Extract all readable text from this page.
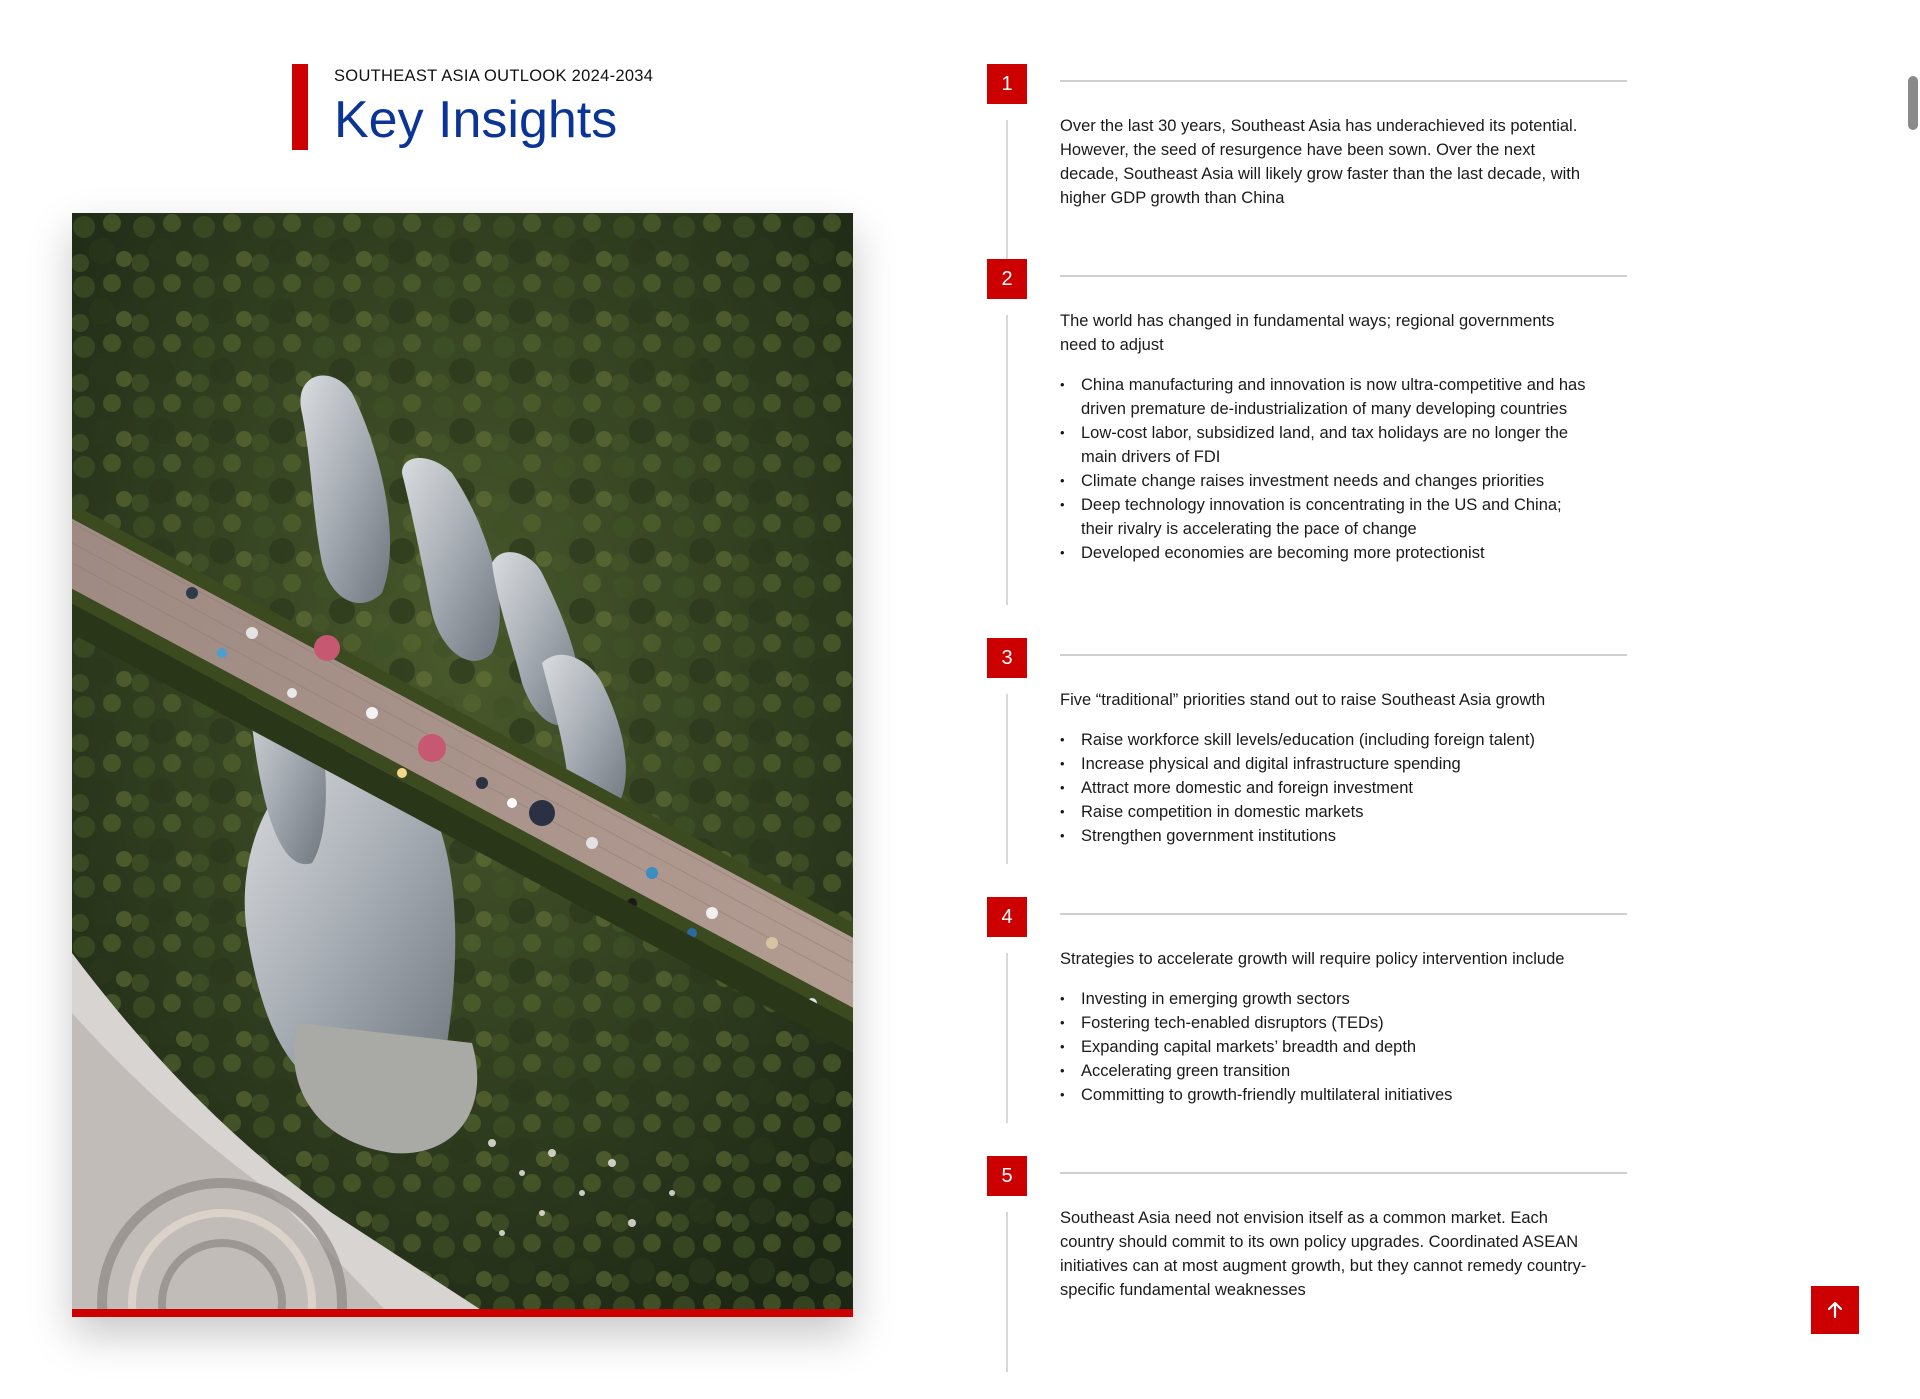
SOUTHEAST ASIA OUTLOOK 2024-2034
Key Insights
1

Over the last 30 years, Southeast Asia has underachieved its potential. However, the seed of resurgence have been sown. Over the next decade, Southeast Asia will likely grow faster than the last decade, with higher GDP growth than China

2

The world has changed in fundamental ways; regional governments need to adjust

• China manufacturing and innovation is now ultra-competitive and has driven premature de-industrialization of many developing countries
• Low-cost labor, subsidized land, and tax holidays are no longer the main drivers of FDI
• Climate change raises investment needs and changes priorities
• Deep technology innovation is concentrating in the US and China; their rivalry is accelerating the pace of change
• Developed economies are becoming more protectionist
3

Five “traditional” priorities stand out to raise Southeast Asia growth

• Raise workforce skill levels/education (including foreign talent)
• Increase physical and digital infrastructure spending
• Attract more domestic and foreign investment
• Raise competition in domestic markets
• Strengthen government institutions
4

Strategies to accelerate growth will require policy intervention include

• Investing in emerging growth sectors
• Fostering tech-enabled disruptors (TEDs)
• Expanding capital markets’ breadth and depth
• Accelerating green transition
• Committing to growth-friendly multilateral initiatives
5

Southeast Asia need not envision itself as a common market. Each country should commit to its own policy upgrades. Coordinated ASEAN initiatives can at most augment growth, but they cannot remedy country-specific fundamental weaknesses
